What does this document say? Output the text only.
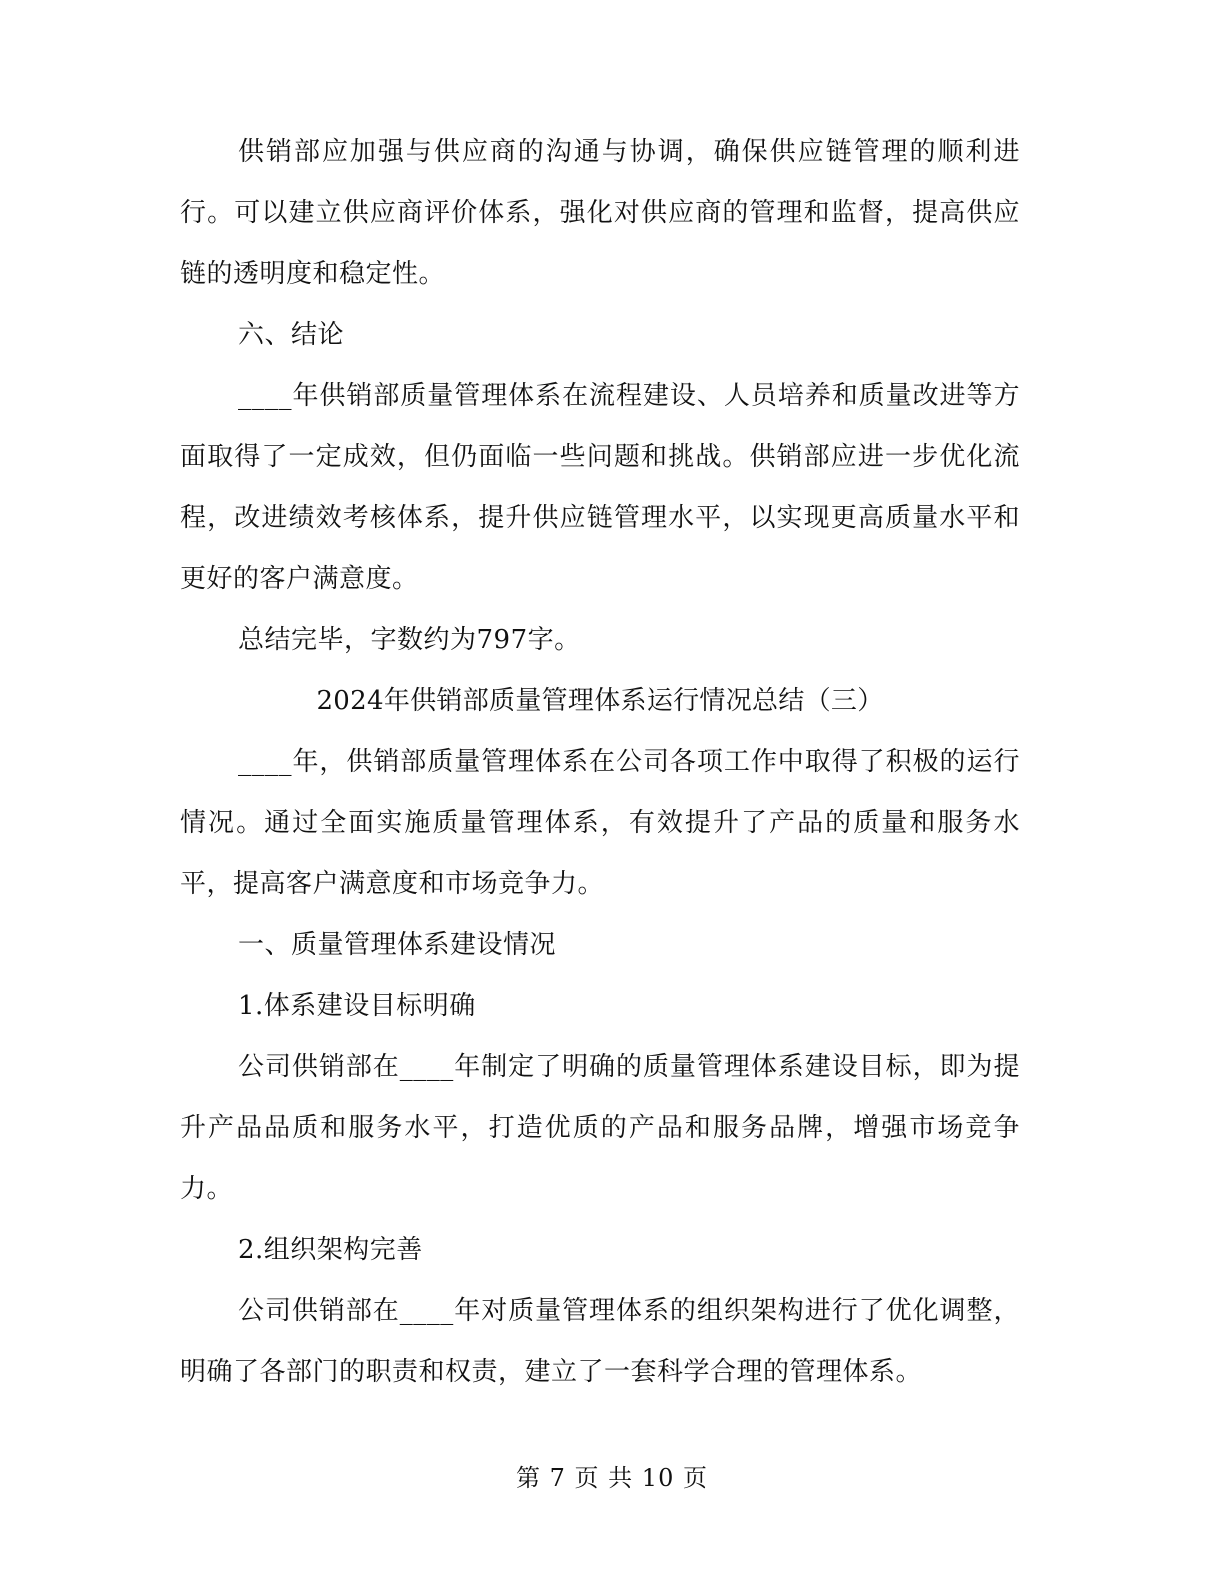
供销部应加强与供应商的沟通与协调，确保供应链管理的顺利进行。可以建立供应商评价体系，强化对供应商的管理和监督，提高供应链的透明度和稳定性。

六、结论

____年供销部质量管理体系在流程建设、人员培养和质量改进等方面取得了一定成效，但仍面临一些问题和挑战。供销部应进一步优化流程，改进绩效考核体系，提升供应链管理水平，以实现更高质量水平和更好的客户满意度。

总结完毕，字数约为797字。

2024年供销部质量管理体系运行情况总结（三）

____年，供销部质量管理体系在公司各项工作中取得了积极的运行情况。通过全面实施质量管理体系，有效提升了产品的质量和服务水平，提高客户满意度和市场竞争力。

一、质量管理体系建设情况

1.体系建设目标明确

公司供销部在____年制定了明确的质量管理体系建设目标，即为提升产品品质和服务水平，打造优质的产品和服务品牌，增强市场竞争力。

2.组织架构完善

公司供销部在____年对质量管理体系的组织架构进行了优化调整，明确了各部门的职责和权责，建立了一套科学合理的管理体系。

第 7 页 共 10 页
